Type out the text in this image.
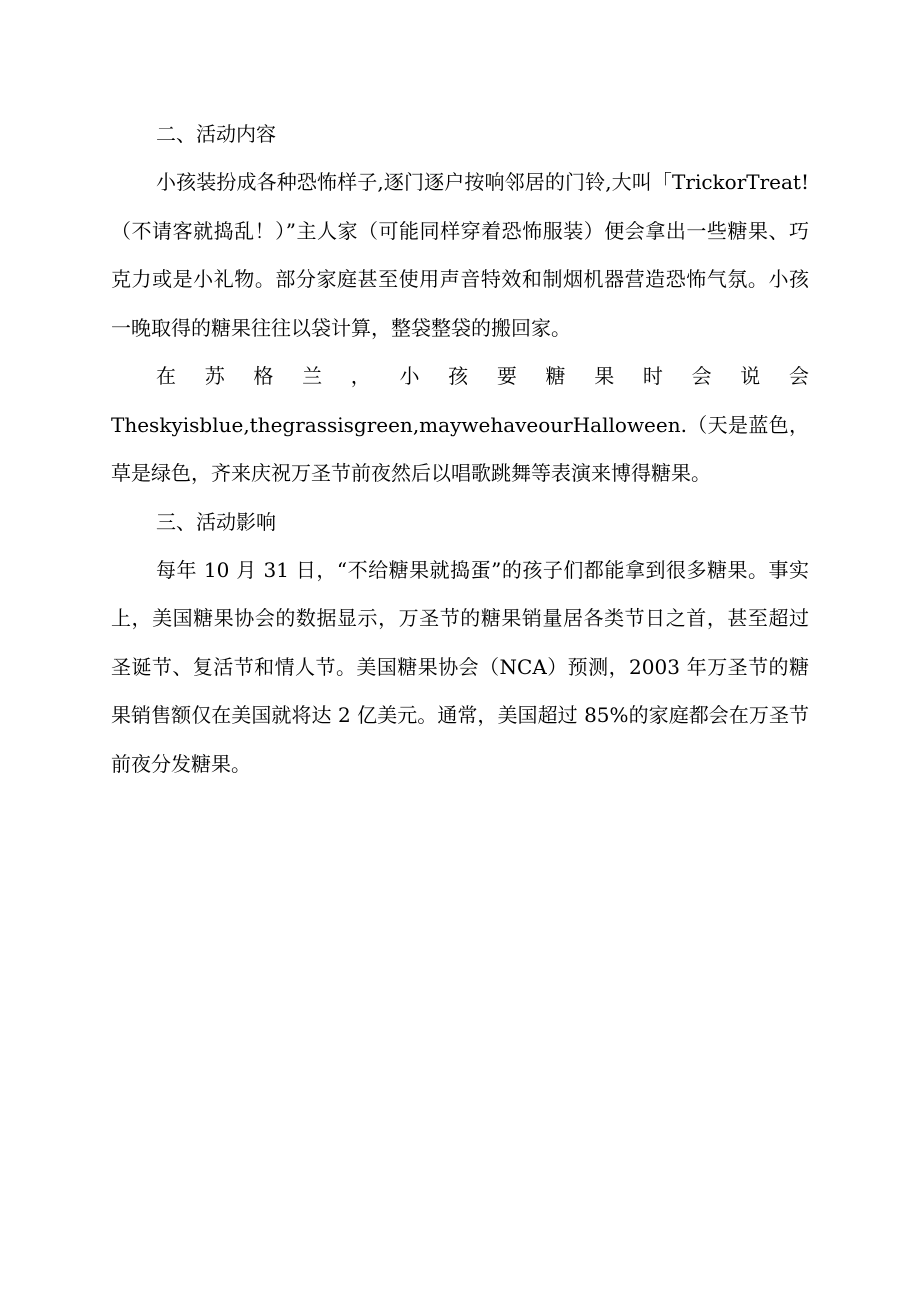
二、活动内容

小孩装扮成各种恐怖样子,逐门逐户按响邻居的门铃,大叫「TrickorTreat!（不请客就捣乱！）”主人家（可能同样穿着恐怖服装）便会拿出一些糖果、巧克力或是小礼物。部分家庭甚至使用声音特效和制烟机器营造恐怖气氛。小孩一晚取得的糖果往往以袋计算，整袋整袋的搬回家。

在 苏 格 兰 ， 小 孩 要 糖 果 时 会 说 会

Theskyisblue,thegrassisgreen,maywehaveourHalloween.（天是蓝色，草是绿色，齐来庆祝万圣节前夜然后以唱歌跳舞等表演来博得糖果。

三、活动影响

每年 10 月 31 日，“不给糖果就捣蛋”的孩子们都能拿到很多糖果。事实上，美国糖果协会的数据显示，万圣节的糖果销量居各类节日之首，甚至超过圣诞节、复活节和情人节。美国糖果协会（NCA）预测，2003 年万圣节的糖果销售额仅在美国就将达 2 亿美元。通常，美国超过 85%的家庭都会在万圣节前夜分发糖果。
